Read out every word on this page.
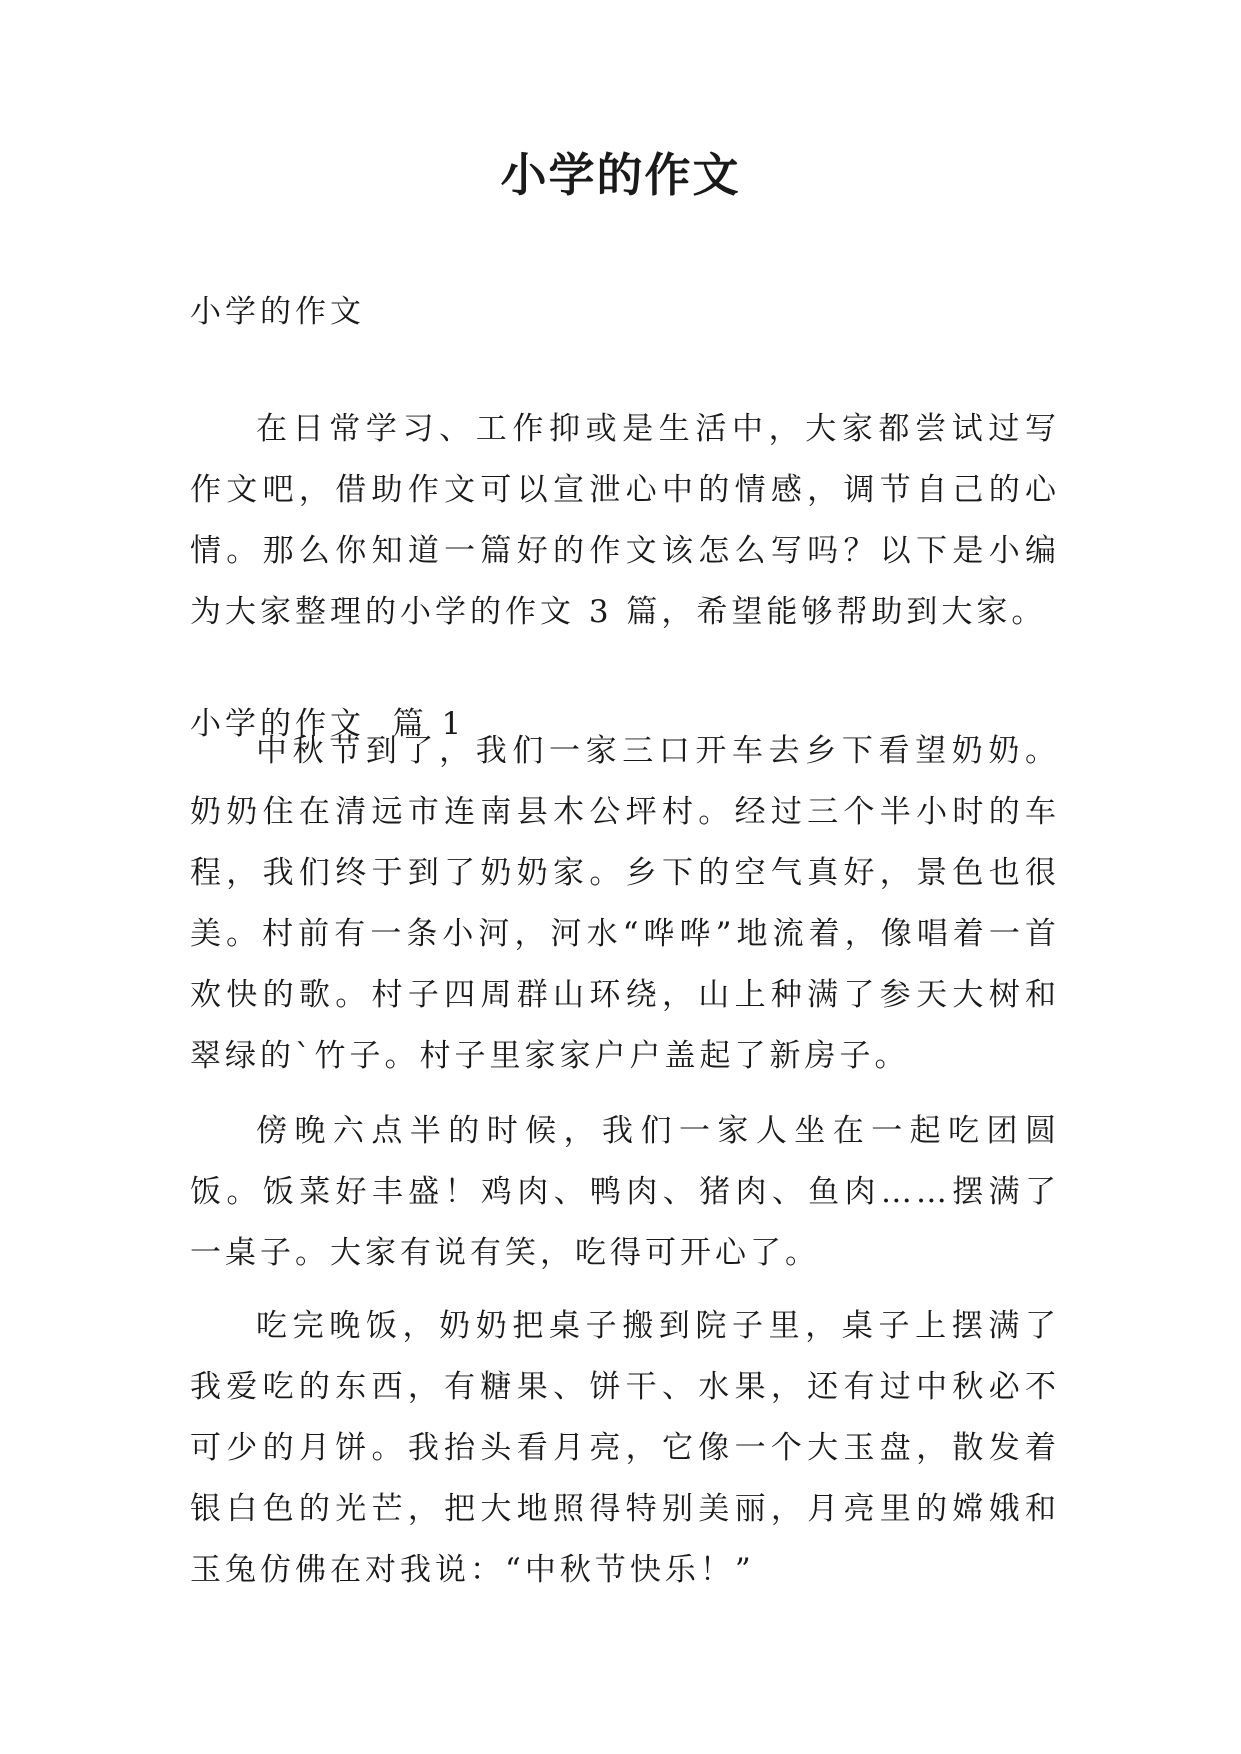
小学的作文

小学的作文

在日常学习、工作抑或是生活中，大家都尝试过写作文吧，借助作文可以宣泄心中的情感，调节自己的心情。那么你知道一篇好的作文该怎么写吗？以下是小编为大家整理的小学的作文 3 篇，希望能够帮助到大家。

小学的作文  篇 1

中秋节到了，我们一家三口开车去乡下看望奶奶。奶奶住在清远市连南县木公坪村。经过三个半小时的车程，我们终于到了奶奶家。乡下的空气真好，景色也很美。村前有一条小河，河水“哗哗”地流着，像唱着一首欢快的歌。村子四周群山环绕，山上种满了参天大树和翠绿的`竹子。村子里家家户户盖起了新房子。

傍晚六点半的时候，我们一家人坐在一起吃团圆饭。饭菜好丰盛！鸡肉、鸭肉、猪肉、鱼肉……摆满了一桌子。大家有说有笑，吃得可开心了。

吃完晚饭，奶奶把桌子搬到院子里，桌子上摆满了我爱吃的东西，有糖果、饼干、水果，还有过中秋必不可少的月饼。我抬头看月亮，它像一个大玉盘，散发着银白色的光芒，把大地照得特别美丽，月亮里的嫦娥和玉兔仿佛在对我说：“中秋节快乐！”
